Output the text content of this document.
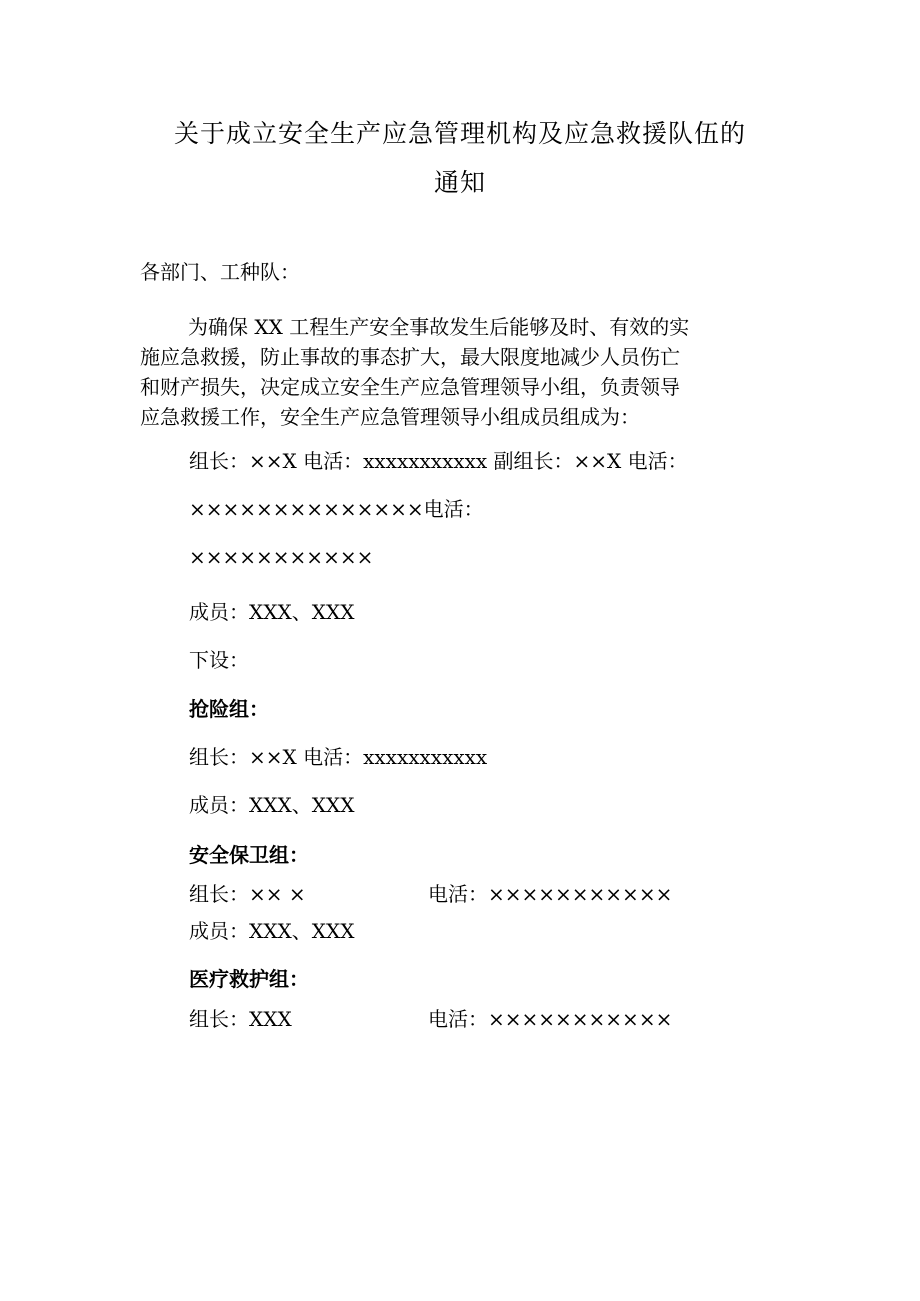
关于成立安全生产应急管理机构及应急救援队伍的
通知
各部门、工种队：
为确保 XX 工程生产安全事故发生后能够及时、有效的实
施应急救援，防止事故的事态扩大，最大限度地减少人员伤亡
和财产损失，决定成立安全生产应急管理领导小组，负责领导
应急救援工作，安全生产应急管理领导小组成员组成为：
组长：××X 电活：xxxxxxxxxxx 副组长：××X 电活：
××××××××××××××电活：
×××××××××××
成员：XXX、XXX
下设：
抢险组：
组长：××X 电活：xxxxxxxxxxx
成员：XXX、XXX
安全保卫组：
组长：×× ×	电活：×××××××××××
成员：XXX、XXX
医疗救护组：
组长：XXX	电活：×××××××××××
